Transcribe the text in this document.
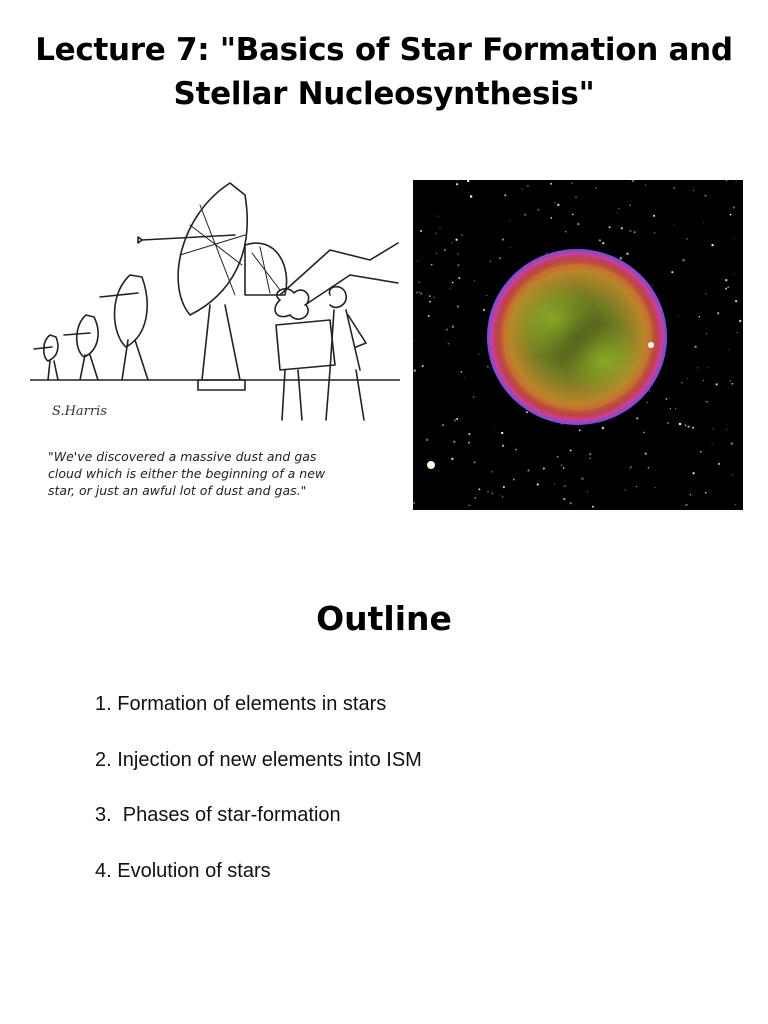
Lecture 7: "Basics of Star Formation and
Stellar Nucleosynthesis"
S.Harris
"We've discovered a massive dust and gas
cloud which is either the beginning of a new
star, or just an awful lot of dust and gas."
Outline
1. Formation of elements in stars
2. Injection of new elements into ISM
3.  Phases of star-formation
4. Evolution of stars
